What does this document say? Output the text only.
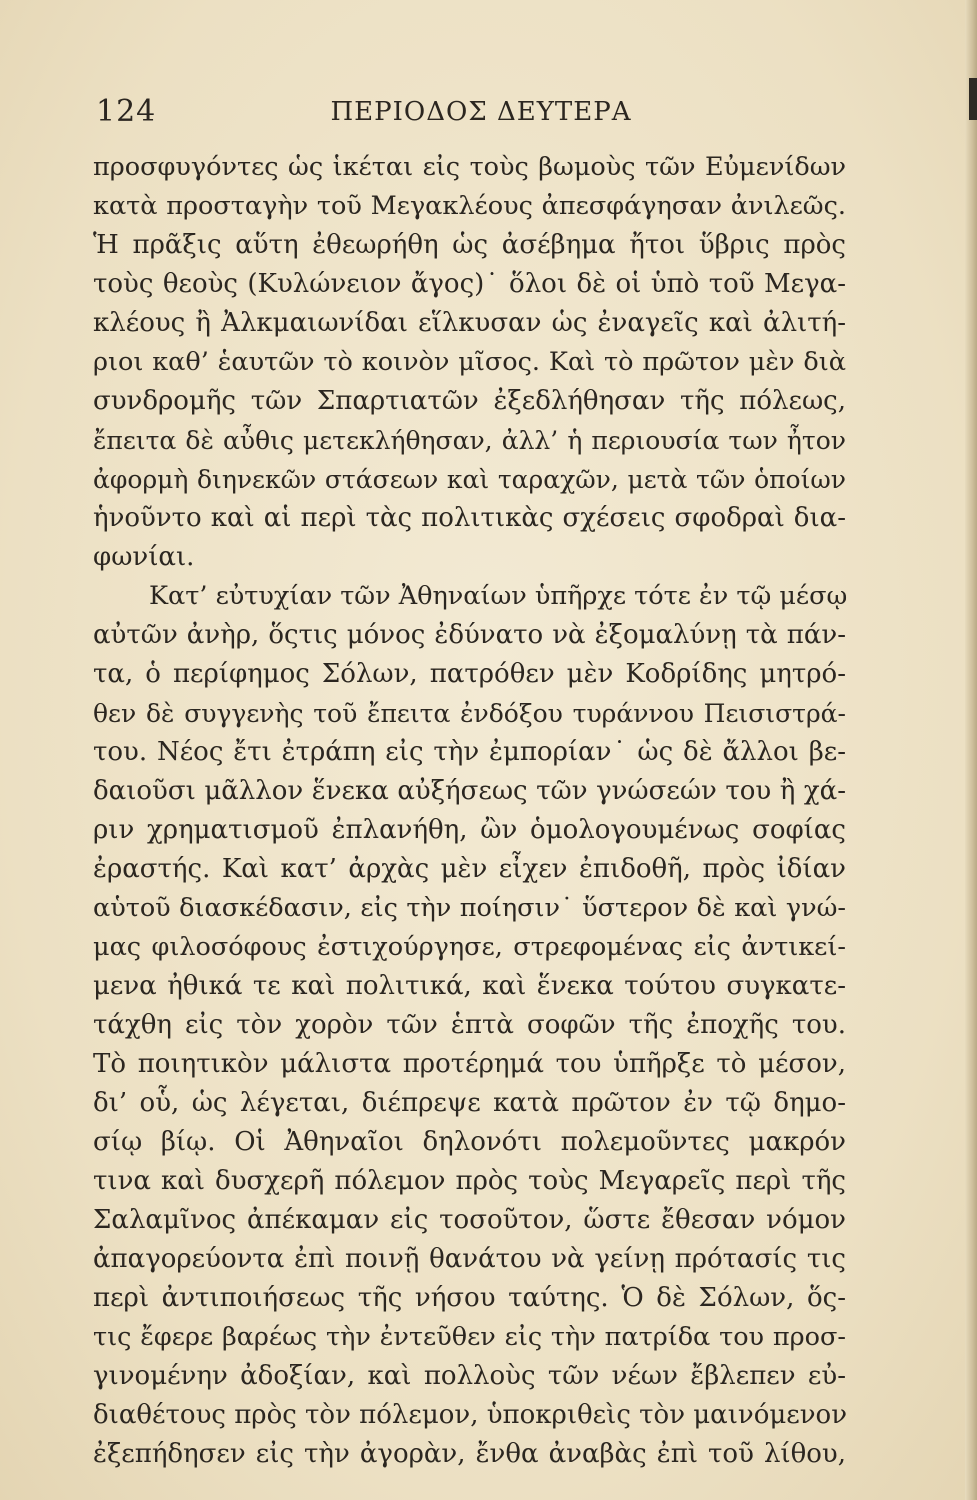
124	ΠΕΡΙΟΔΟΣ ΔΕΥΤΕΡΑ
προσφυγόντες ὡς ἱκέται εἰς τοὺς βωμοὺς τῶν Εὐμενίδων
κατὰ προσταγὴν τοῦ Μεγακλέους ἀπεσφάγησαν ἀνιλεῶς.
Ἡ πρᾶξις αὕτη ἐθεωρήθη ὡς ἀσέβημα ἤτοι ὕβρις πρὸς
τοὺς θεοὺς (Κυλώνειον ἄγος)˙ ὅλοι δὲ οἱ ὑπὸ τοῦ Μεγα-
κλέους ἢ Ἀλκμαιωνίδαι εἵλκυσαν ὡς ἐναγεῖς καὶ ἀλιτή-
ριοι καθ’ ἑαυτῶν τὸ κοινὸν μῖσος. Καὶ τὸ πρῶτον μὲν διὰ
συνδρομῆς τῶν Σπαρτιατῶν ἐξεδλήθησαν τῆς πόλεως,
ἔπειτα δὲ αὖθις μετεκλήθησαν, ἀλλ’ ἡ περιουσία των ἦτον
ἀφορμὴ διηνεκῶν στάσεων καὶ ταραχῶν, μετὰ τῶν ὁποίων
ἡνοῦντο καὶ αἱ περὶ τὰς πολιτικὰς σχέσεις σφοδραὶ δια-
φωνίαι.
Κατ’ εὐτυχίαν τῶν Ἀθηναίων ὑπῆρχε τότε ἐν τῷ μέσῳ
αὐτῶν ἀνὴρ, ὅςτις μόνος ἐδύνατο νὰ ἐξομαλύνῃ τὰ πάν-
τα, ὁ περίφημος Σόλων, πατρόθεν μὲν Κοδρίδης μητρό-
θεν δὲ συγγενὴς τοῦ ἔπειτα ἐνδόξου τυράννου Πεισιστρά-
του. Νέος ἔτι ἐτράπη εἰς τὴν ἐμπορίαν˙ ὡς δὲ ἄλλοι βε-
δαιοῦσι μᾶλλον ἕνεκα αὐξήσεως τῶν γνώσεών του ἢ χά-
ριν χρηματισμοῦ ἐπλανήθη, ὢν ὁμολογουμένως σοφίας
ἐραστής. Καὶ κατ’ ἀρχὰς μὲν εἶχεν ἐπιδοθῆ, πρὸς ἰδίαν
αὑτοῦ διασκέδασιν, εἰς τὴν ποίησιν˙ ὕστερον δὲ καὶ γνώ-
μας φιλοσόφους ἐστιχούργησε, στρεφομένας εἰς ἀντικεί-
μενα ἠθικά τε καὶ πολιτικά, καὶ ἕνεκα τούτου συγκατε-
τάχθη εἰς τὸν χορὸν τῶν ἑπτὰ σοφῶν τῆς ἐποχῆς του.
Τὸ ποιητικὸν μάλιστα προτέρημά του ὑπῆρξε τὸ μέσον,
δι’ οὗ, ὡς λέγεται, διέπρεψε κατὰ πρῶτον ἐν τῷ δημο-
σίῳ βίῳ. Οἱ Ἀθηναῖοι δηλονότι πολεμοῦντες μακρόν
τινα καὶ δυσχερῆ πόλεμον πρὸς τοὺς Μεγαρεῖς περὶ τῆς
Σαλαμῖνος ἀπέκαμαν εἰς τοσοῦτον, ὥστε ἔθεσαν νόμον
ἀπαγορεύοντα ἐπὶ ποινῇ θανάτου νὰ γείνῃ πρότασίς τις
περὶ ἀντιποιήσεως τῆς νήσου ταύτης. Ὁ δὲ Σόλων, ὅς-
τις ἔφερε βαρέως τὴν ἐντεῦθεν εἰς τὴν πατρίδα του προσ-
γινομένην ἀδοξίαν, καὶ πολλοὺς τῶν νέων ἔβλεπεν εὐ-
διαθέτους πρὸς τὸν πόλεμον, ὑποκριθεὶς τὸν μαινόμενον
ἐξεπήδησεν εἰς τὴν ἀγορὰν, ἔνθα ἀναβὰς ἐπὶ τοῦ λίθου,
